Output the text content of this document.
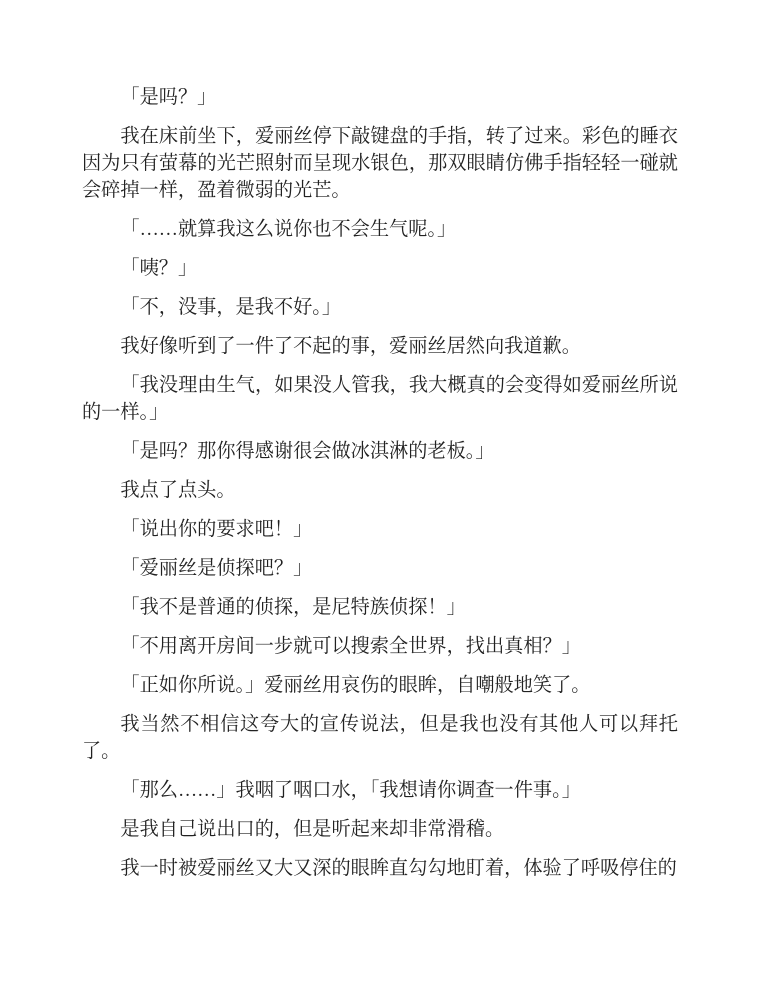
「是吗？」

我在床前坐下，爱丽丝停下敲键盘的手指，转了过来。彩色的睡衣因为只有萤幕的光芒照射而呈现水银色，那双眼睛仿佛手指轻轻一碰就会碎掉一样，盈着微弱的光芒。

「……就算我这么说你也不会生气呢。」

「咦？」

「不，没事，是我不好。」

我好像听到了一件了不起的事，爱丽丝居然向我道歉。

「我没理由生气，如果没人管我，我大概真的会变得如爱丽丝所说的一样。」

「是吗？那你得感谢很会做冰淇淋的老板。」

我点了点头。

「说出你的要求吧！」

「爱丽丝是侦探吧？」

「我不是普通的侦探，是尼特族侦探！」

「不用离开房间一步就可以搜索全世界，找出真相？」

「正如你所说。」爱丽丝用哀伤的眼眸，自嘲般地笑了。

我当然不相信这夸大的宣传说法，但是我也没有其他人可以拜托了。

「那么……」我咽了咽口水，「我想请你调查一件事。」

是我自己说出口的，但是听起来却非常滑稽。

我一时被爱丽丝又大又深的眼眸直勾勾地盯着，体验了呼吸停住的
